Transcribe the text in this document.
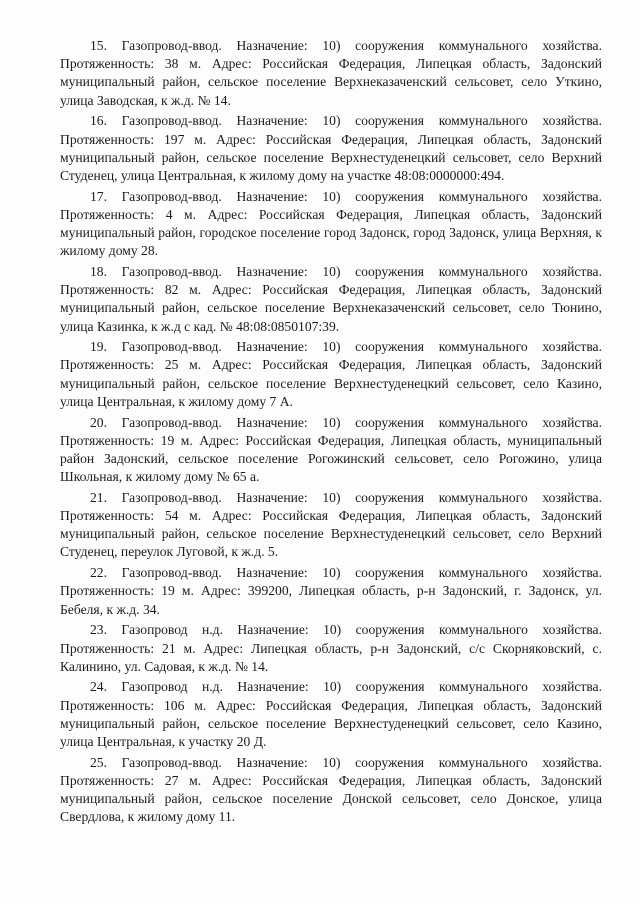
15. Газопровод-ввод. Назначение: 10) сооружения коммунального хозяйства. Протяженность: 38 м. Адрес: Российская Федерация, Липецкая область, Задонский муниципальный район, сельское поселение Верхнеказаченский сельсовет, село Уткино, улица Заводская, к ж.д. № 14.

16. Газопровод-ввод. Назначение: 10) сооружения коммунального хозяйства. Протяженность: 197 м. Адрес: Российская Федерация, Липецкая область, Задонский муниципальный район, сельское поселение Верхнестуденецкий сельсовет, село Верхний Студенец, улица Центральная, к жилому дому на участке 48:08:0000000:494.

17. Газопровод-ввод. Назначение: 10) сооружения коммунального хозяйства. Протяженность: 4 м. Адрес: Российская Федерация, Липецкая область, Задонский муниципальный район, городское поселение город Задонск, город Задонск, улица Верхняя, к жилому дому 28.

18. Газопровод-ввод. Назначение: 10) сооружения коммунального хозяйства. Протяженность: 82 м. Адрес: Российская Федерация, Липецкая область, Задонский муниципальный район, сельское поселение Верхнеказаченский сельсовет, село Тюнино, улица Казинка, к ж.д с кад. № 48:08:0850107:39.

19. Газопровод-ввод. Назначение: 10) сооружения коммунального хозяйства. Протяженность: 25 м. Адрес: Российская Федерация, Липецкая область, Задонский муниципальный район, сельское поселение Верхнестуденецкий сельсовет, село Казино, улица Центральная, к жилому дому 7 А.

20. Газопровод-ввод. Назначение: 10) сооружения коммунального хозяйства. Протяженность: 19 м. Адрес: Российская Федерация, Липецкая область, муниципальный район Задонский, сельское поселение Рогожинский сельсовет, село Рогожино, улица Школьная, к жилому дому № 65 а.

21. Газопровод-ввод. Назначение: 10) сооружения коммунального хозяйства. Протяженность: 54 м. Адрес: Российская Федерация, Липецкая область, Задонский муниципальный район, сельское поселение Верхнестуденецкий сельсовет, село Верхний Студенец, переулок Луговой, к ж.д. 5.

22. Газопровод-ввод. Назначение: 10) сооружения коммунального хозяйства. Протяженность: 19 м. Адрес: 399200, Липецкая область, р-н Задонский, г. Задонск, ул. Бебеля, к ж.д. 34.

23. Газопровод н.д. Назначение: 10) сооружения коммунального хозяйства. Протяженность: 21 м. Адрес: Липецкая область, р-н Задонский, с/с Скорняковский, с. Калинино, ул. Садовая, к ж.д. № 14.

24. Газопровод н.д. Назначение: 10) сооружения коммунального хозяйства. Протяженность: 106 м. Адрес: Российская Федерация, Липецкая область, Задонский муниципальный район, сельское поселение Верхнестуденецкий сельсовет, село Казино, улица Центральная, к участку 20 Д.

25. Газопровод-ввод. Назначение: 10) сооружения коммунального хозяйства. Протяженность: 27 м. Адрес: Российская Федерация, Липецкая область, Задонский муниципальный район, сельское поселение Донской сельсовет, село Донское, улица Свердлова, к жилому дому 11.
